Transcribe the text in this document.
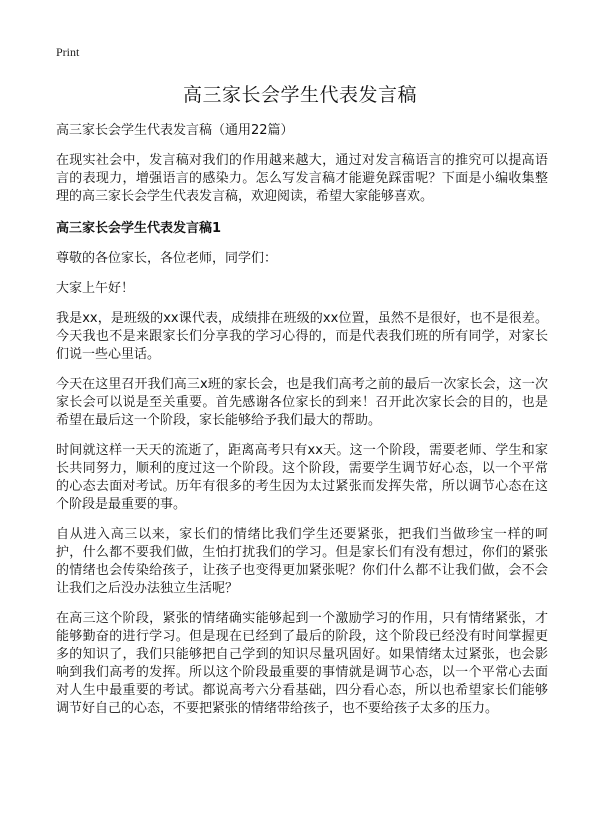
Print
高三家长会学生代表发言稿

高三家长会学生代表发言稿（通用22篇）

在现实社会中，发言稿对我们的作用越来越大，通过对发言稿语言的推究可以提高语言的表现力，增强语言的感染力。怎么写发言稿才能避免踩雷呢？下面是小编收集整理的高三家长会学生代表发言稿，欢迎阅读，希望大家能够喜欢。

高三家长会学生代表发言稿1

尊敬的各位家长，各位老师，同学们：

大家上午好！

我是xx，是班级的xx课代表，成绩排在班级的xx位置，虽然不是很好，也不是很差。今天我也不是来跟家长们分享我的学习心得的，而是代表我们班的所有同学，对家长们说一些心里话。

今天在这里召开我们高三x班的家长会，也是我们高考之前的最后一次家长会，这一次家长会可以说是至关重要。首先感谢各位家长的到来！召开此次家长会的目的，也是希望在最后这一个阶段，家长能够给予我们最大的帮助。

时间就这样一天天的流逝了，距离高考只有xx天。这一个阶段，需要老师、学生和家长共同努力，顺利的度过这一个阶段。这个阶段，需要学生调节好心态，以一个平常的心态去面对考试。历年有很多的考生因为太过紧张而发挥失常，所以调节心态在这个阶段是最重要的事。

自从进入高三以来，家长们的情绪比我们学生还要紧张，把我们当做珍宝一样的呵护，什么都不要我们做，生怕打扰我们的学习。但是家长们有没有想过，你们的紧张的情绪也会传染给孩子，让孩子也变得更加紧张呢？你们什么都不让我们做，会不会让我们之后没办法独立生活呢？

在高三这个阶段，紧张的情绪确实能够起到一个激励学习的作用，只有情绪紧张，才能够勤奋的进行学习。但是现在已经到了最后的阶段，这个阶段已经没有时间掌握更多的知识了，我们只能够把自己学到的知识尽量巩固好。如果情绪太过紧张，也会影响到我们高考的发挥。所以这个阶段最重要的事情就是调节心态，以一个平常心去面对人生中最重要的考试。都说高考六分看基础，四分看心态，所以也希望家长们能够调节好自己的心态，不要把紧张的情绪带给孩子，也不要给孩子太多的压力。
